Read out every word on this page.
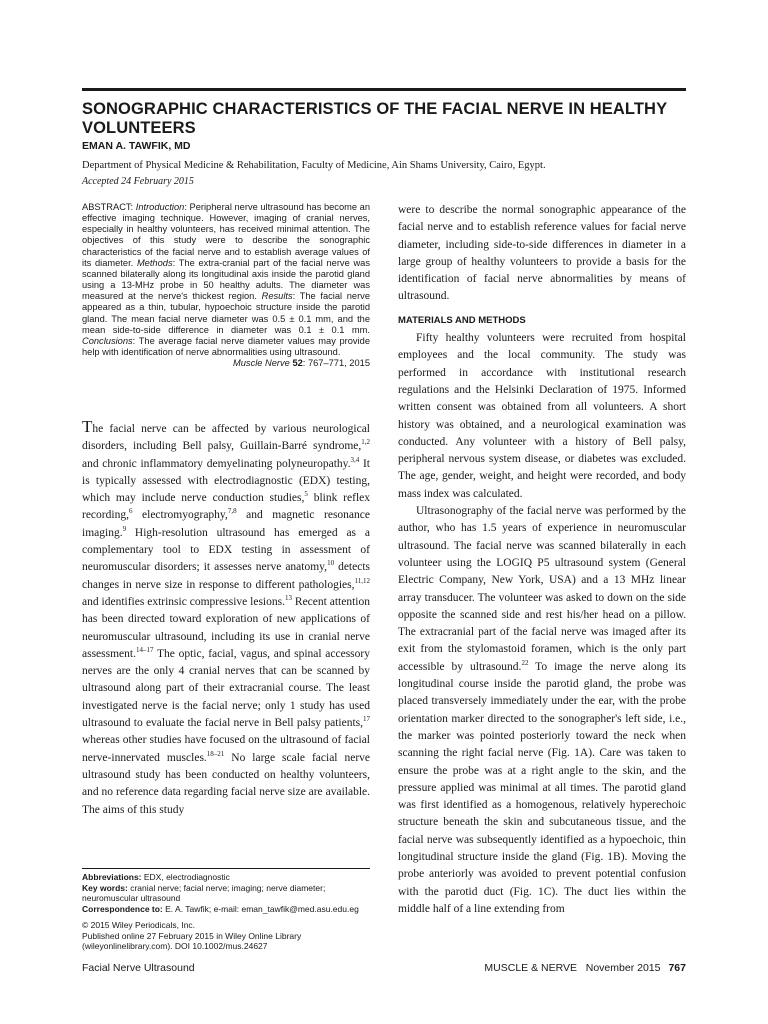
SONOGRAPHIC CHARACTERISTICS OF THE FACIAL NERVE IN HEALTHY VOLUNTEERS
EMAN A. TAWFIK, MD
Department of Physical Medicine & Rehabilitation, Faculty of Medicine, Ain Shams University, Cairo, Egypt.
Accepted 24 February 2015
ABSTRACT: Introduction: Peripheral nerve ultrasound has become an effective imaging technique. However, imaging of cranial nerves, especially in healthy volunteers, has received minimal attention. The objectives of this study were to describe the sonographic characteristics of the facial nerve and to establish average values of its diameter. Methods: The extra-cranial part of the facial nerve was scanned bilaterally along its longitudinal axis inside the parotid gland using a 13-MHz probe in 50 healthy adults. The diameter was measured at the nerve's thickest region. Results: The facial nerve appeared as a thin, tubular, hypoechoic structure inside the parotid gland. The mean facial nerve diameter was 0.5 ± 0.1 mm, and the mean side-to-side difference in diameter was 0.1 ± 0.1 mm. Conclusions: The average facial nerve diameter values may provide help with identification of nerve abnormalities using ultrasound.
Muscle Nerve 52: 767–771, 2015
The facial nerve can be affected by various neurological disorders, including Bell palsy, Guillain-Barré syndrome,$^{1,2}$ and chronic inflammatory demyelinating polyneuropathy.$^{3,4}$ It is typically assessed with electrodiagnostic (EDX) testing, which may include nerve conduction studies,$^5$ blink reflex recording,$^6$ electromyography,$^{7,8}$ and magnetic resonance imaging.$^9$ High-resolution ultrasound has emerged as a complementary tool to EDX testing in assessment of neuromuscular disorders; it assesses nerve anatomy,$^{10}$ detects changes in nerve size in response to different pathologies,$^{11,12}$ and identifies extrinsic compressive lesions.$^{13}$ Recent attention has been directed toward exploration of new applications of neuromuscular ultrasound, including its use in cranial nerve assessment.$^{14-17}$ The optic, facial, vagus, and spinal accessory nerves are the only 4 cranial nerves that can be scanned by ultrasound along part of their extracranial course. The least investigated nerve is the facial nerve; only 1 study has used ultrasound to evaluate the facial nerve in Bell palsy patients,$^{17}$ whereas other studies have focused on the ultrasound of facial nerve-innervated muscles.$^{18-21}$ No large scale facial nerve ultrasound study has been conducted on healthy volunteers, and no reference data regarding facial nerve size are available. The aims of this study

were to describe the normal sonographic appearance of the facial nerve and to establish reference values for facial nerve diameter, including side-to-side differences in diameter in a large group of healthy volunteers to provide a basis for the identification of facial nerve abnormalities by means of ultrasound.

MATERIALS AND METHODS

Fifty healthy volunteers were recruited from hospital employees and the local community. The study was performed in accordance with institutional research regulations and the Helsinki Declaration of 1975. Informed written consent was obtained from all volunteers. A short history was obtained, and a neurological examination was conducted. Any volunteer with a history of Bell palsy, peripheral nervous system disease, or diabetes was excluded. The age, gender, weight, and height were recorded, and body mass index was calculated.

Ultrasonography of the facial nerve was performed by the author, who has 1.5 years of experience in neuromuscular ultrasound. The facial nerve was scanned bilaterally in each volunteer using the LOGIQ P5 ultrasound system (General Electric Company, New York, USA) and a 13 MHz linear array transducer. The volunteer was asked to down on the side opposite the scanned side and rest his/her head on a pillow. The extracranial part of the facial nerve was imaged after its exit from the stylomastoid foramen, which is the only part accessible by ultrasound.$^{22}$ To image the nerve along its longitudinal course inside the parotid gland, the probe was placed transversely immediately under the ear, with the probe orientation marker directed to the sonographer's left side, i.e., the marker was pointed posteriorly toward the neck when scanning the right facial nerve (Fig. 1A). Care was taken to ensure the probe was at a right angle to the skin, and the pressure applied was minimal at all times. The parotid gland was first identified as a homogenous, relatively hyperechoic structure beneath the skin and subcutaneous tissue, and the facial nerve was subsequently identified as a hypoechoic, thin longitudinal structure inside the gland (Fig. 1B). Moving the probe anteriorly was avoided to prevent potential confusion with the parotid duct (Fig. 1C). The duct lies within the middle half of a line extending from

Abbreviations: EDX, electrodiagnostic

Key words: cranial nerve; facial nerve; imaging; nerve diameter; neuromuscular ultrasound

Correspondence to: E. A. Tawfik; e-mail: eman_tawfik@med.asu.edu.eg

© 2015 Wiley Periodicals, Inc.

Published online 27 February 2015 in Wiley Online Library (wileyonlinelibrary.com). DOI 10.1002/mus.24627

Facial Nerve Ultrasound	MUSCLE & NERVE   November 2015 767
